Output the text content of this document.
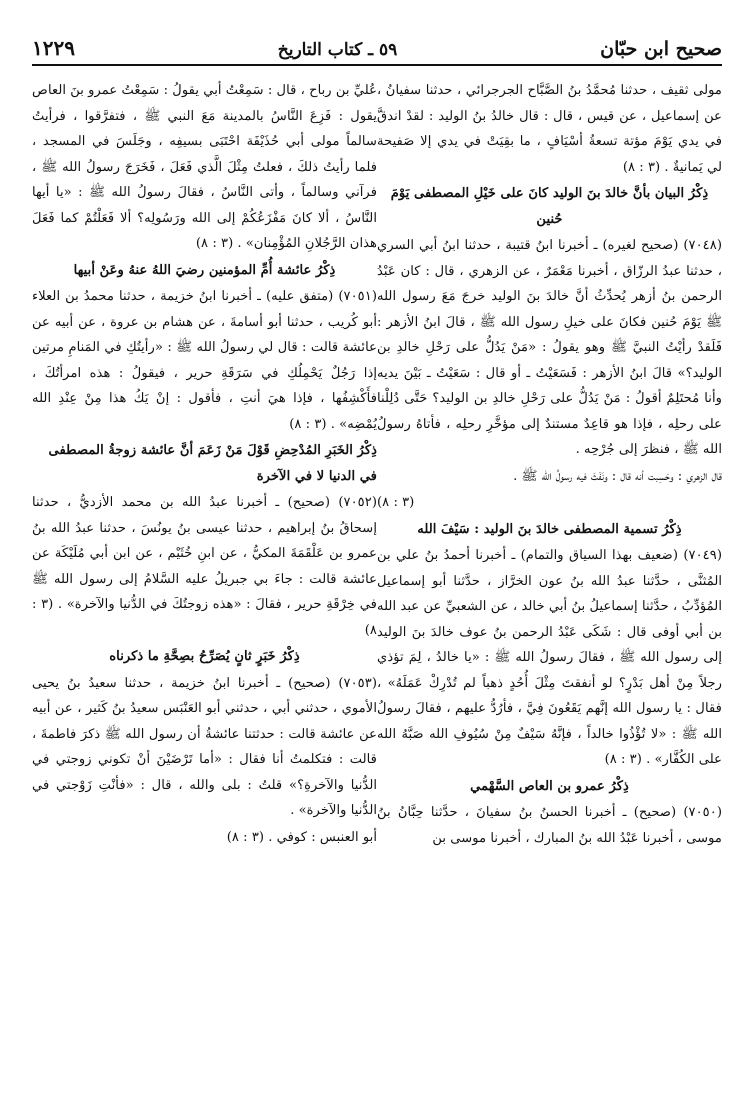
صحيح ابن حبّان
٥٩ ـ كتاب التاريخ
١٢٢٩

مولى ثقيف ، حدثنا مُحمَّدُ بنُ الصَّبَّاح الجرجرائي ، حدثنا سفيانُ ، عن إسماعيل ، عن قيس ، قال : قال خالدُ بنُ الوليد : لقدْ اندقَّ في يدي يَوْمَ مؤتة تسعةُ أسْيَافٍ ، ما بقِيَتْ في يدي إلا صَفيحة لي يَمانيةٌ . (٣ : ٨)

ذِكْرُ البيان بأنَّ خالدَ بنَ الوليد كانَ على خَيْلِ المصطفى يَوْمَ حُنين

(٧٠٤٨) (صحيح لغيره) ـ أخبرنا ابنُ قتيبة ، حدثنا ابنُ أبي السري ، حدثنا عبدُ الرزّاق ، أخبرنا مَعْمَرٌ ، عن الزهري ، قال : كان عَبْدُ الرحمن بنُ أزهر يُحدِّثُ أنَّ خالدَ بنَ الوليد خرجَ مَعَ رسول الله ﷺ يَوْمَ حُنين فكانَ على خيلِ رسول الله ﷺ ، قالَ ابنُ الأزهر : فَلَقدْ رأيْتُ النبيَّ ﷺ وهو يقولُ : «مَنْ يَدُلُّ على رَحْلِ خالدِ بن الوليد؟» قالَ ابنُ الأزهر : فَسَعَيْتُ ـ أو قال : سَعَيْتُ ـ بَيْنَ يديه وأنا مُحتَلِمٌ أقولُ : مَنْ يَدُلُّ على رَحْلِ خالدِ بن الوليد؟ حَتَّى دُلِلْنا على رحلِه ، فإذا هو قاعِدٌ مستندٌ إلى مؤخَّرِ رحلِه ، فأتاهُ رسولُ الله ﷺ ، فنظرَ إلى جُرْحِه .

قال الزهري : وحَسِبت أنه قال : ونَفَثَ فيه رسولُ الله ﷺ .

(٣ : ٨)

ذِكْرُ تسمية المصطفى خالدَ بنَ الوليد : سَيْفَ الله

(٧٠٤٩) (ضعيف بهذا السياق والتمام) ـ أخبرنا أحمدُ بنُ علي بن المُثنَّى ، حدَّثنا عبدُ الله بنُ عون الخرَّاز ، حدَّثنا أبو إسماعيل المُؤدِّبُ ، حدَّثنا إسماعيلُ بنُ أبي خالد ، عن الشعبيِّ عن عبد الله بن أبي أوفى قال : شَكَى عَبْدُ الرحمن بنُ عوف خالدَ بنَ الوليد إلى رسول الله ﷺ ، فقالَ رسولُ الله ﷺ : «يا خالدُ ، لِمَ تؤذي رجلاً مِنْ أهل بَدْرٍ؟ لو أنفقتَ مِثْلَ أُحُدٍ ذهباً لم تُدْرِكْ عَمَلَهُ» ، فقال : يا رسول الله إنَّهم يَقَعُونَ فِيَّ ، فأرُدُّ عليهم ، فقالَ رسولُ الله ﷺ : «لا تُؤْذُوا خالداً ، فإنَّهُ سَيْفٌ مِنْ سُيُوفِ الله صَبَّهُ الله على الكُفَّار» . (٣ : ٨)

ذِكْرُ عمرو بن العاص السَّهْمي

(٧٠٥٠) (صحيح) ـ أخبرنا الحسنُ بنُ سفيانَ ، حدَّثنا حِبَّانُ بنُ موسى ، أخبرنا عَبْدُ الله بنُ المبارك ، أخبرنا موسى بن

عُليِّ بن رباح ، قال : سَمِعْتُ أبي يقولُ : سَمِعْتُ عمرو بنَ العاص يقول : فَزِعَ النَّاسُ بالمدينة مَعَ النبي ﷺ ، فتفرَّقوا ، فرأيتُ سالماً مولى أبي حُذَيْفَة احْتَبَى بسيفِه ، وجَلَسَ في المسجد ، فلما رأيتُ ذلكَ ، فعلتُ مِثْلَ الَّذي فَعَلَ ، فَخَرَجَ رسولُ الله ﷺ ، فرآني وسالماً ، وأتى النَّاسُ ، فقالَ رسولُ الله ﷺ : «يا أيها النَّاسُ ، ألا كانَ مَفْزَعُكُمْ إلى الله ورَسُولِه؟ ألا فَعَلْتُمْ كما فَعَلَ هذان الرَّجُلانِ المُؤْمِنان» . (٣ : ٨)

ذِكْرُ عائشة أُمِّ المؤمنين رضيَ اللهُ عنهُ وعَنْ أبيها

(٧٠٥١) (متفق عليه) ـ أخبرنا ابنُ خزيمة ، حدثنا محمدُ بن العلاء أبو كُريب ، حدثنا أبو أسامةَ ، عن هشام بن عروة ، عن أبيه عن عائشة قالت : قال لي رسولُ الله ﷺ : «رأيتُكِ في المَنامِ مرتين إذا رَجُلٌ يَحْمِلُكِ في سَرَقَةِ حرير ، فيقولُ : هذه امرأتُكَ ، فأَكْشِفُها ، فإذا هيَ أنتِ ، فأقول : إنْ يَكُ هذا مِنْ عِنْدِ الله يُمْضِه» . (٣ : ٨)

ذِكْرُ الخَبَرِ المُدْحِضِ قَوْلَ مَنْ زَعَمَ أنَّ عائشة زوجةُ المصطفى في الدنيا لا في الآخرة

(٧٠٥٢) (صحيح) ـ أخبرنا عبدُ الله بن محمد الأزديُّ ، حدثنا إسحاقُ بنُ إبراهيم ، حدثنا عيسى بنُ يونُسَ ، حدثنا عبدُ الله بنُ عمرو بن عَلْقَمَةَ المكيُّ ، عن ابنِ خُثَيْم ، عن ابن أبي مُلَيْكَة عن عائشة قالت : جاءَ بي جبريلُ عليه السَّلامُ إلى رسول الله ﷺ في خِرْقَةِ حرير ، فقالَ : «هذه زوجتُكَ في الدُّنيا والآخرة» . (٣ : ٨)

ذِكْرُ خَبَرٍ ثانٍ يُصَرِّحُ بصِحَّةِ ما ذكرناه

(٧٠٥٣) (صحيح) ـ أخبرنا ابنُ خزيمة ، حدثنا سعيدُ بنُ يحيى الأموي ، حدثني أبي ، حدثني أبو العَنْبَس سعيدُ بنُ كَثير ، عن أبيه عن عائشة قالت : حدثتنا عائشةُ أن رسول الله ﷺ ذكرَ فاطمةَ ، قالت : فتكلمتُ أنا فقال : «أما تَرْضَيْنَ أنْ تكوني زوجتي في الدُّنيا والآخرةِ؟» قلتُ : بلى والله ، قال : «فأنْتِ زَوْجتي في الدُّنيا والآخرة» .

أبو العنبس : كوفي . (٣ : ٨)
